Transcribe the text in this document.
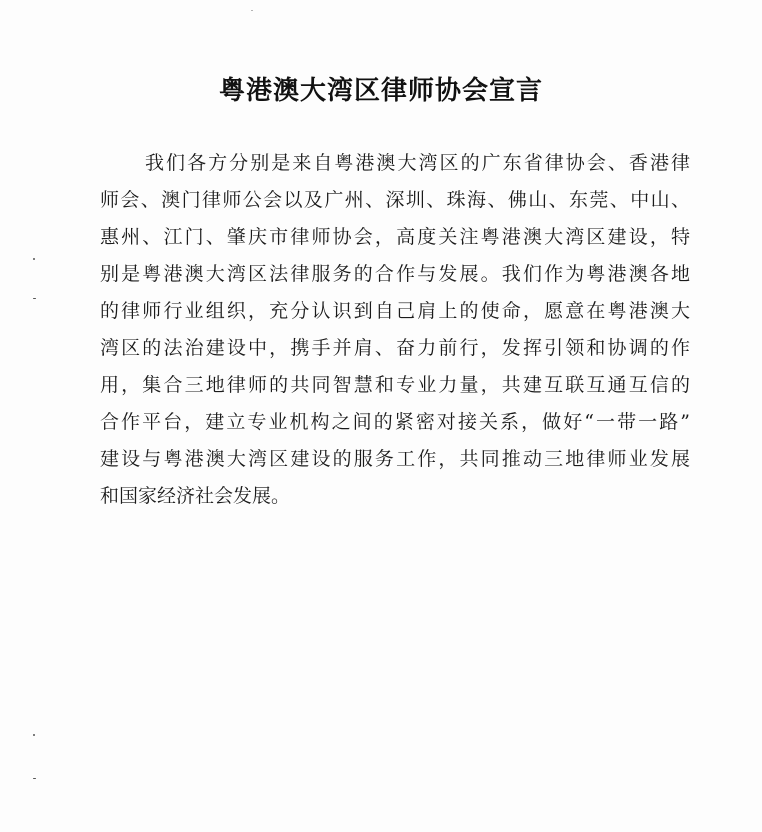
粤港澳大湾区律师协会宣言
我们各方分别是来自粤港澳大湾区的广东省律协会、香港律
师会、澳门律师公会以及广州、深圳、珠海、佛山、东莞、中山、
惠州、江门、肇庆市律师协会，高度关注粤港澳大湾区建设，特
别是粤港澳大湾区法律服务的合作与发展。我们作为粤港澳各地
的律师行业组织，充分认识到自己肩上的使命，愿意在粤港澳大
湾区的法治建设中，携手并肩、奋力前行，发挥引领和协调的作
用，集合三地律师的共同智慧和专业力量，共建互联互通互信的
合作平台，建立专业机构之间的紧密对接关系，做好“一带一路”
建设与粤港澳大湾区建设的服务工作，共同推动三地律师业发展
和国家经济社会发展。
